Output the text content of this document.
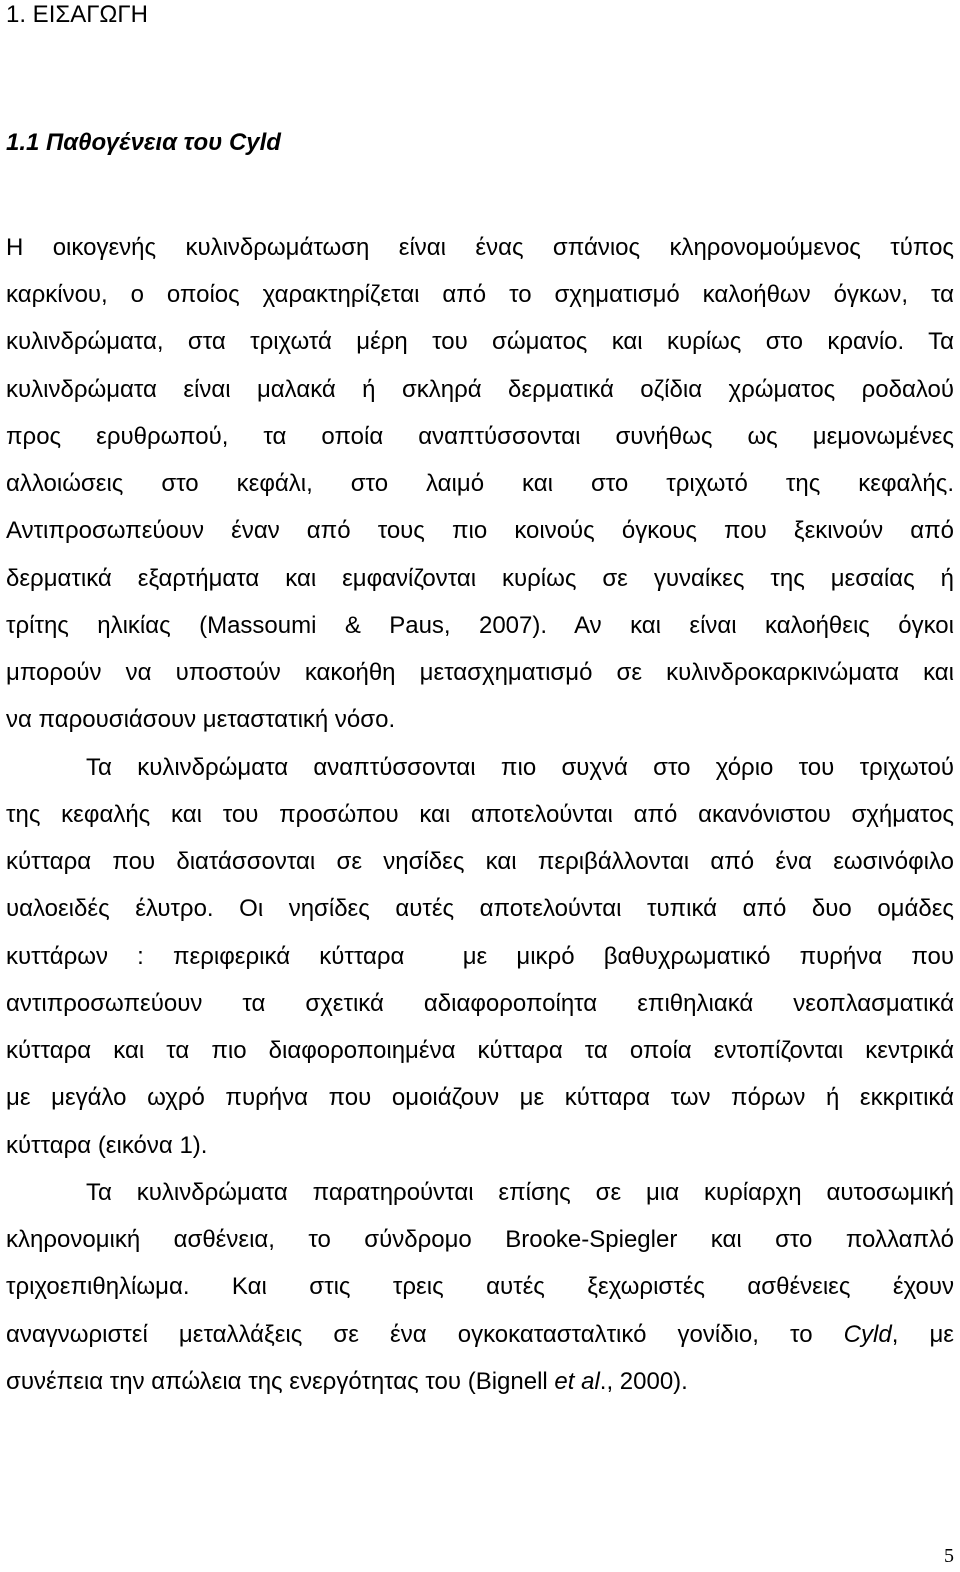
1. ΕΙΣΑΓΩΓΗ
1.1 Παθογένεια του Cyld
Η οικογενής κυλινδρωμάτωση είναι ένας σπάνιος κληρονομούμενος τύπος
καρκίνου, ο οποίος χαρακτηρίζεται από το σχηματισμό καλοήθων όγκων, τα
κυλινδρώματα, στα τριχωτά μέρη του σώματος και κυρίως στο κρανίο. Τα
κυλινδρώματα είναι μαλακά ή σκληρά δερματικά οζίδια χρώματος ροδαλού
προς ερυθρωπού, τα οποία αναπτύσσονται συνήθως ως μεμονωμένες
αλλοιώσεις στο κεφάλι, στο λαιμό και στο τριχωτό της κεφαλής.
Αντιπροσωπεύουν έναν από τους πιο κοινούς όγκους που ξεκινούν από
δερματικά εξαρτήματα και εμφανίζονται κυρίως σε γυναίκες της μεσαίας ή
τρίτης ηλικίας (Massoumi & Paus, 2007). Αν και είναι καλοήθεις όγκοι
μπορούν να υποστούν κακοήθη μετασχηματισμό σε κυλινδροκαρκινώματα και
να παρουσιάσουν μεταστατική νόσο.
Τα κυλινδρώματα αναπτύσσονται πιο συχνά στο χόριο του τριχωτού
της κεφαλής και του προσώπου και αποτελούνται από ακανόνιστου σχήματος
κύτταρα που διατάσσονται σε νησίδες και περιβάλλονται από ένα εωσινόφιλο
υαλοειδές έλυτρο. Οι νησίδες αυτές αποτελούνται τυπικά από δυο ομάδες
κυττάρων : περιφερικά κύτταρα  με μικρό βαθυχρωματικό πυρήνα που
αντιπροσωπεύουν τα σχετικά αδιαφοροποίητα επιθηλιακά νεοπλασματικά
κύτταρα και τα πιο διαφοροποιημένα κύτταρα τα οποία εντοπίζονται κεντρικά
με μεγάλο ωχρό πυρήνα που ομοιάζουν με κύτταρα των πόρων ή εκκριτικά
κύτταρα (εικόνα 1).
Τα κυλινδρώματα παρατηρούνται επίσης σε μια κυρίαρχη αυτοσωμική
κληρονομική ασθένεια, το σύνδρομο Brooke-Spiegler και στο πολλαπλό
τριχοεπιθηλίωμα. Και στις τρεις αυτές ξεχωριστές ασθένειες έχουν
αναγνωριστεί μεταλλάξεις σε ένα ογκοκατασταλτικό γονίδιο, το Cyld, με
συνέπεια την απώλεια της ενεργότητας του (Bignell et al., 2000).
5
